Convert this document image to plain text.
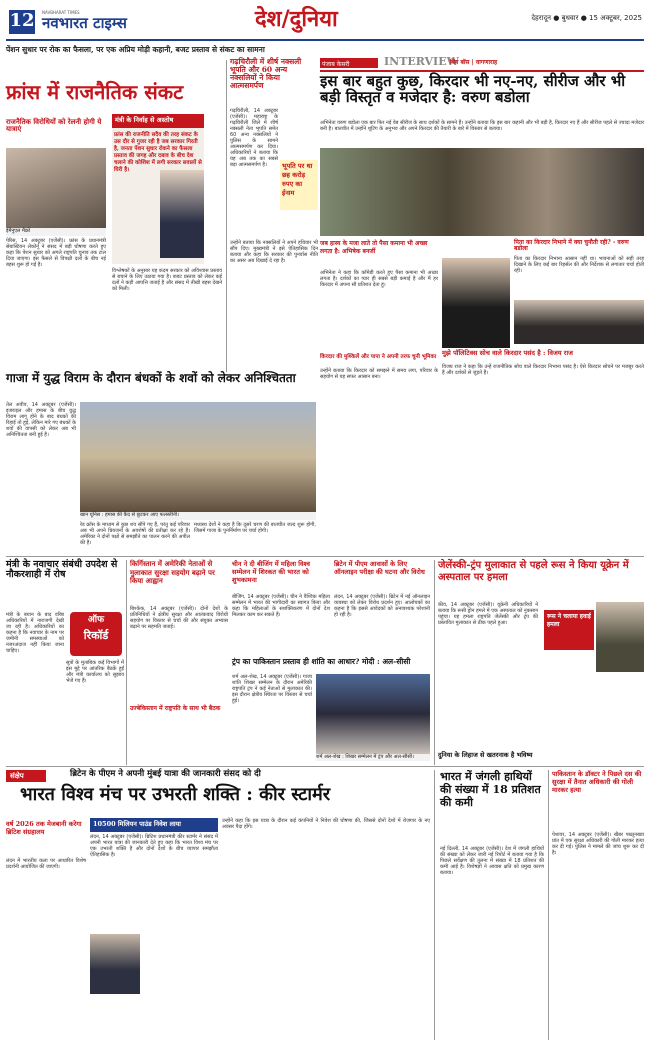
12 NAVBHARAT TIMES
नवभारत टाइम्स	देश/दुनिया	देहरादून ● बुधवार ● 15 अक्टूबर, 2025
पेंशन सुधार पर रोक का फैसला, पर एक अप्रिय मोड़ी कहानी, बजट प्रस्ताव से संकट का सामना
फ्रांस में राजनैतिक संकट
राजनैतिक विरोधियों को रेलनी होगी ये यात्राएं
ईमैनुएल मैक्रो
पेरिस, 14 अक्टूबर (एजेंसी)। फ्रांस के प्रधानमंत्री सेबास्टियन लेकोर्नू ने संसद में बड़ी घोषणा करते हुए कहा कि पेंशन सुधार को अगले राष्ट्रपति चुनाव तक टाल दिया जाएगा। इस फैसले से विपक्षी दलों के बीच नई बहस शुरू हो गई है।
मंत्री के निर्वाह से अस्तोष
फ्रांस की राजनीति सदैव की तरह संकट के उस दौर से गुजर रही है जब सरकार गिरती है, जनता पेंशन सुधार रोकने का फैसला प्रस्ताव की जगह और दबाव के बीच देश चलाने की कोशिश में लगी सरकार सवालों से घिरी है।
विश्लेषकों के अनुसार यह कदम सरकार को अविश्वास प्रस्ताव से बचाने के लिए उठाया गया है। बजट प्रस्ताव को लेकर कई दलों ने कड़ी आपत्ति जताई है और संसद में तीखी बहस देखने को मिली।
गढ़चिरौली में शीर्ष नक्सली भूपति और 60 अन्य नक्सलियों ने किया आत्मसमर्पण
गढ़चिरौली, 14 अक्टूबर (एजेंसी)। महाराष्ट्र के गढ़चिरौली जिले में शीर्ष नक्सली नेता भूपति समेत 60 अन्य नक्सलियों ने पुलिस के सामने आत्मसमर्पण कर दिया। अधिकारियों ने बताया कि यह अब तक का सबसे बड़ा आत्मसमर्पण है।	भूपति पर था छह करोड़ रुपए का ईनाम
उन्होंने बताया कि नक्सलियों ने अपने हथियार भी सौंप दिए। मुख्यमंत्री ने इसे ऐतिहासिक दिन बताया और कहा कि सरकार की पुनर्वास नीति का असर अब दिखाई दे रहा है।
पंजाब केसरी	INTERVIEW
बिग बॉस | वागणाराह
इस बार बहुत कुछ, किरदार भी नए-नए, सीरीज और भी बड़ी विस्तृत व मजेदार है: वरुण बडोला
अभिनेता वरुण बडोला एक बार फिर नई वेब सीरीज के साथ दर्शकों के सामने हैं। उन्होंने बताया कि इस बार कहानी और भी बड़ी है, किरदार नए हैं और सीरीज पहले से ज्यादा मजेदार बनी है। बातचीत में उन्होंने शूटिंग के अनुभव और अपने किरदार की तैयारी के बारे में विस्तार से बताया।
जब हास्य के मजा लाते तो पैसा कमाना भी अच्छा लगता है: अभिषेक बनर्जी
अभिनेता ने कहा कि कॉमेडी करते हुए पैसा कमाना भी अच्छा लगता है। दर्शकों का प्यार ही सबसे बड़ी कमाई है और मैं हर किरदार में अपना सौ प्रतिशत देता हूं।
किरदार की मुश्किलें और पापा ने अपनी तरफ चुनी भूमिका
उन्होंने बताया कि किरदार को समझने में समय लगा, परिवार के सहयोग से यह सफर आसान बना।
पिता का किरदार निभाने में क्या चुनौती रही? - वरुण बडोला
पिता का किरदार निभाना आसान नहीं था। भावनाओं को सही तरह दिखाने के लिए कई बार रिहर्सल की और निर्देशक से लगातार चर्चा होती रही।
मुझे पॉलिटिक्स सोच वाले किरदार पसंद है : विजय राज
विजय राज ने कहा कि उन्हें राजनीतिक सोच वाले किरदार निभाना पसंद है। ऐसे किरदार सोचने पर मजबूर करते हैं और दर्शकों से जुड़ते हैं।
गाजा में युद्ध विराम के दौरान बंधकों के शवों को लेकर अनिश्चितता
तेल अवीव, 14 अक्टूबर (एजेंसी)। इजराइल और हमास के बीच युद्ध विराम लागू होने के बाद बंधकों की रिहाई तो हुई, लेकिन मारे गए बंधकों के शवों की वापसी को लेकर अब भी अनिश्चितता बनी हुई है।
खान यूनिस : हमास की कैद से छूटकर आए फलस्तीनी।
रेड क्रॉस के माध्यम से कुछ शव सौंपे गए हैं, परंतु कई परिवार अब भी अपने प्रियजनों के अवशेषों की प्रतीक्षा कर रहे हैं। अमेरिका ने दोनों पक्षों से समझौते का पालन करने की अपील की है।
मध्यस्थ देशों ने कहा है कि दूसरे चरण की बातचीत जल्द शुरू होगी, जिसमें गाजा के पुनर्निर्माण पर चर्चा होगी।
मंत्री के नवाचार संबंधी उपदेश से नौकरशाही में रोष
मंत्री के बयान के बाद वरिष्ठ अधिकारियों में नाराजगी देखी जा रही है। अधिकारियों का कहना है कि नवाचार के नाम पर जमीनी समस्याओं को नजरअंदाज नहीं किया जाना चाहिए।
सूत्रों के मुताबिक कई विभागों में इस मुद्दे पर आंतरिक बैठकें हुईं और मंत्री कार्यालय को सुझाव भेजे गए हैं।
ऑफ
रिकॉर्ड
किर्गिस्तान में अमेरिकी नेताओं से मुलाकात सुरक्षा सहयोग बढ़ाने पर किया आह्वान
बिश्केक, 14 अक्टूबर (एजेंसी)। दोनों देशों के प्रतिनिधियों ने क्षेत्रीय सुरक्षा और आतंकवाद विरोधी सहयोग पर विस्तार से चर्चा की और संयुक्त अभ्यास बढ़ाने पर सहमति जताई।
उज्बेकिस्तान में राष्ट्रपति के साथ भी बैठक
चीन ने दी बीजिंग में महिला विश्व सम्मेलन में शिरकत की भारत को शुभकामना
बीजिंग, 14 अक्टूबर (एजेंसी)। चीन ने वैश्विक महिला सम्मेलन में भारत की भागीदारी का स्वागत किया और कहा कि महिलाओं के सशक्तिकरण में दोनों देश मिलकर काम कर सकते हैं।
ब्रिटेन में पीएम आवासों के लिए ऑनलाइन परीक्षा की घटना और विरोध
लंदन, 14 अक्टूबर (एजेंसी)। ब्रिटेन में नई ऑनलाइन व्यवस्था को लेकर विरोध प्रदर्शन हुए। आलोचकों का कहना है कि इससे आवेदकों को अनावश्यक परेशानी हो रही है।
ट्रंप का पाकिस्तान प्रस्ताव ही शांति का आधार? मोदी : अल-सीसी
शर्म अल-शेख, 14 अक्टूबर (एजेंसी)। गाजा शांति शिखर सम्मेलन के दौरान अमेरिकी राष्ट्रपति ट्रंप ने कई नेताओं से मुलाकात की। इस दौरान क्षेत्रीय स्थिरता पर विस्तार से चर्चा हुई।
शर्म अल-शेख : शिखर सम्मेलन में ट्रंप और अल-सीसी।
जेलेंस्की-ट्रंप मुलाकात से पहले रूस ने किया यूक्रेन में अस्पताल पर हमला
कीव, 14 अक्टूबर (एजेंसी)। यूक्रेनी अधिकारियों ने बताया कि रूसी ड्रोन हमले में एक अस्पताल को नुकसान पहुंचा। यह हमला राष्ट्रपति जेलेंस्की और ट्रंप की प्रस्तावित मुलाकात से ठीक पहले हुआ।
रूस ने चलाया हवाई हमला
दुनिया के लिहाज से खतरनाक है भविष्य
संक्षेप	ब्रिटेन के पीएम ने अपनी मुंबई यात्रा की जानकारी संसद को दी
भारत विश्व मंच पर उभरती शक्ति : कीर स्टार्मर
वर्ष 2026 तक मेजबानी करेगा ब्रिटिश संग्रहालय
लंदन में भारतीय कला पर आधारित विशेष प्रदर्शनी आयोजित की जाएगी।
10500 मिलियन पाउंड निवेश लाया
लंदन, 14 अक्टूबर (एजेंसी)। ब्रिटिश प्रधानमंत्री कीर स्टार्मर ने संसद में अपनी भारत यात्रा की जानकारी देते हुए कहा कि भारत विश्व मंच पर एक उभरती शक्ति है और दोनों देशों के बीच व्यापार समझौता ऐतिहासिक है।
उन्होंने कहा कि इस यात्रा के दौरान कई कंपनियों ने निवेश की घोषणा की, जिससे दोनों देशों में रोजगार के नए अवसर पैदा होंगे।
भारत में जंगली हाथियों की संख्या में 18 प्रतिशत की कमी
नई दिल्ली, 14 अक्टूबर (एजेंसी)। देश में जंगली हाथियों की संख्या को लेकर जारी नई रिपोर्ट में बताया गया है कि पिछले सर्वेक्षण की तुलना में संख्या में 18 प्रतिशत की कमी आई है। विशेषज्ञों ने आवास क्षति को प्रमुख कारण बताया।
पाकिस्तान के डॉक्टर ने पिछले दस की सुरक्षा में तैनात अधिकारी की गोली मारकर हत्या
पेशावर, 14 अक्टूबर (एजेंसी)। खैबर पख्तूनख्वा प्रांत में एक सुरक्षा अधिकारी की गोली मारकर हत्या कर दी गई। पुलिस ने मामले की जांच शुरू कर दी है।
